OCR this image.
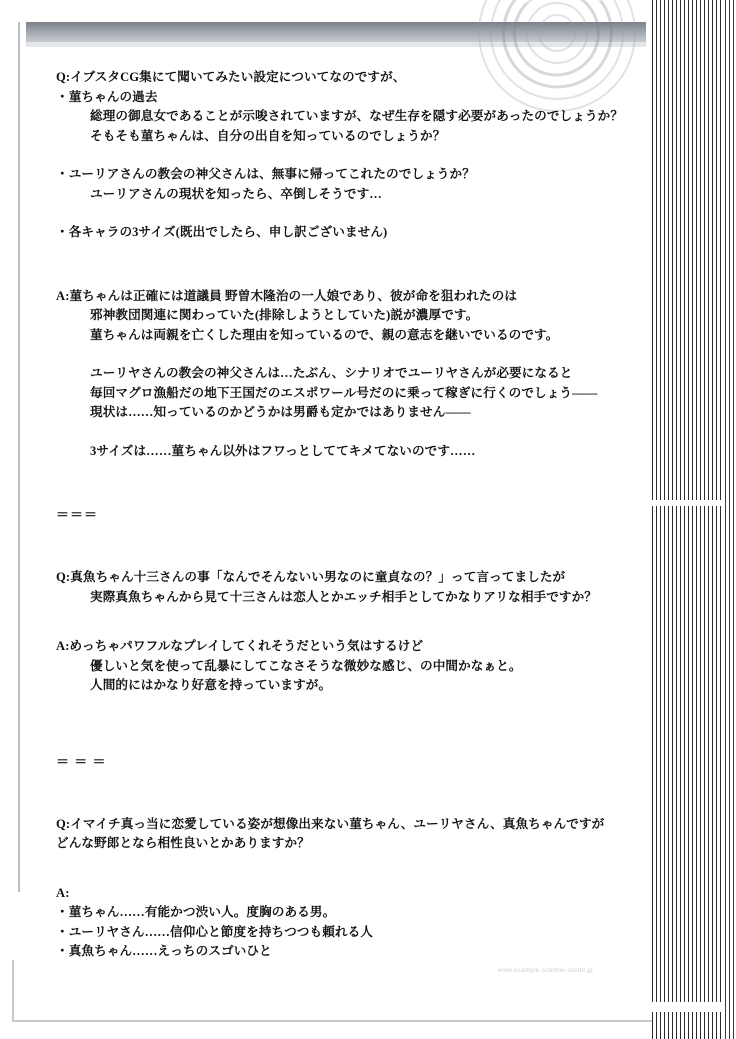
Q:イブスタCG集にて聞いてみたい設定についてなのですが、
・菫ちゃんの過去
総理の御息女であることが示唆されていますが、なぜ生存を隠す必要があったのでしょうか？
そもそも菫ちゃんは、自分の出自を知っているのでしょうか？
・ユーリアさんの教会の神父さんは、無事に帰ってこれたのでしょうか？
ユーリアさんの現状を知ったら、卒倒しそうです…
・各キャラの3サイズ(既出でしたら、申し訳ございません)
A:菫ちゃんは正確には道議員 野曽木隆治の一人娘であり、彼が命を狙われたのは
邪神教団関連に関わっていた(排除しようとしていた)説が濃厚です。
菫ちゃんは両親を亡くした理由を知っているので、親の意志を継いでいるのです。
ユーリヤさんの教会の神父さんは…たぶん、シナリオでユーリヤさんが必要になると
毎回マグロ漁船だの地下王国だのエスポワール号だのに乗って稼ぎに行くのでしょう——
現状は……知っているのかどうかは男爵も定かではありません——
3サイズは……菫ちゃん以外はフワっとしててキメてないのです……
＝＝＝
Q:真魚ちゃん十三さんの事「なんでそんないい男なのに童貞なの？」って言ってましたが
実際真魚ちゃんから見て十三さんは恋人とかエッチ相手としてかなりアリな相手ですか？
A:めっちゃパワフルなプレイしてくれそうだという気はするけど
優しいと気を使って乱暴にしてこなさそうな微妙な感じ、の中間かなぁと。
人間的にはかなり好意を持っていますが。
＝ ＝ ＝
Q:イマイチ真っ当に恋愛している姿が想像出来ない菫ちゃん、ユーリヤさん、真魚ちゃんですが
どんな野郎となら相性良いとかありますか？
A:
・菫ちゃん……有能かつ渋い人。度胸のある男。
・ユーリヤさん……信仰心と節度を持ちつつも頼れる人
・真魚ちゃん……えっちのスゴいひと
www.example-scanner-credit.jp
